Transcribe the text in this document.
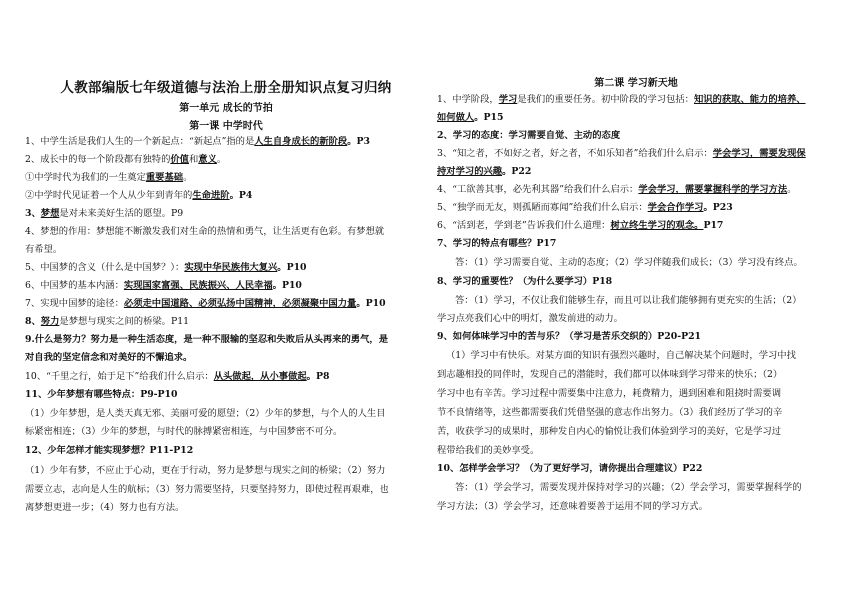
人教部编版七年级道德与法治上册全册知识点复习归纳
第一单元 成长的节拍
第一课 中学时代
1、中学生活是我们人生的一个新起点：“新起点”指的是人生自身成长的新阶段。P3
2、成长中的每一个阶段都有独特的价值和意义。
①中学时代为我们的一生奠定重要基础。
②中学时代见证着一个人从少年到青年的生命进阶。P4
3、梦想是对未来美好生活的愿望。P9
4、梦想的作用：梦想能不断激发我们对生命的热情和勇气，让生活更有色彩。有梦想就
有希望。
5、中国梦的含义（什么是中国梦？）：实现中华民族伟大复兴。P10
6、中国梦的基本内涵：实现国家富强、民族振兴、人民幸福。P10
7、实现中国梦的途径：必须走中国道路、必须弘扬中国精神，必须凝聚中国力量。P10
8、努力是梦想与现实之间的桥梁。P11
9.什么是努力？努力是一种生活态度，是一种不服输的坚忍和失败后从头再来的勇气，是
对自我的坚定信念和对美好的不懈追求。
10、“千里之行，始于足下”给我们什么启示：从头做起，从小事做起。P8
11、少年梦想有哪些特点：P9-P10
（1）少年梦想，是人类天真无邪、美丽可爱的愿望；（2）少年的梦想，与个人的人生目
标紧密相连；（3）少年的梦想，与时代的脉搏紧密相连，与中国梦密不可分。
12、少年怎样才能实现梦想？P11-P12
（1）少年有梦，不应止于心动，更在于行动，努力是梦想与现实之间的桥梁；（2）努力
需要立志，志向是人生的航标；（3）努力需要坚持，只要坚持努力，即使过程再艰难，也
离梦想更进一步；（4）努力也有方法。
第二课 学习新天地
1、中学阶段，学习是我们的重要任务。初中阶段的学习包括：知识的获取、能力的培养、
如何做人。P15
2、学习的态度：学习需要自觉、主动的态度
3、“知之者，不如好之者，好之者，不如乐知者”给我们什么启示：学会学习，需要发现保
持对学习的兴趣。P22
4、“工欲善其事，必先利其器”给我们什么启示：学会学习，需要掌握科学的学习方法。
5、“独学而无友，则孤陋而寡闻”给我们什么启示：学会合作学习。P23
6、“活到老，学到老”告诉我们什么道理：树立终生学习的观念。P17
7、学习的特点有哪些？P17
答：（1）学习需要自觉、主动的态度；（2）学习伴随我们成长；（3）学习没有终点。
8、学习的重要性？（为什么要学习）P18
答：（1）学习，不仅让我们能够生存，而且可以让我们能够拥有更充实的生活；（2）
学习点亮我们心中的明灯，激发前进的动力。
9、如何体味学习中的苦与乐？（学习是苦乐交织的）P20-P21
（1）学习中有快乐。对某方面的知识有强烈兴趣时，自己解决某个问题时，学习中找
到志趣相投的同伴时，发现自己的潜能时，我们都可以体味到学习带来的快乐；（2）
学习中也有辛苦。学习过程中需要集中注意力，耗费精力，遇到困难和阻挠时需要调
节不良情绪等，这些都需要我们凭借坚强的意志作出努力。（3）我们经历了学习的辛
苦，收获学习的成果时，那种发自内心的愉悦让我们体验到学习的美好，它是学习过
程带给我们的美妙享受。
10、怎样学会学习？（为了更好学习，请你提出合理建议）P22
答：（1）学会学习，需要发现并保持对学习的兴趣；（2）学会学习，需要掌握科学的
学习方法；（3）学会学习，还意味着要善于运用不同的学习方式。
